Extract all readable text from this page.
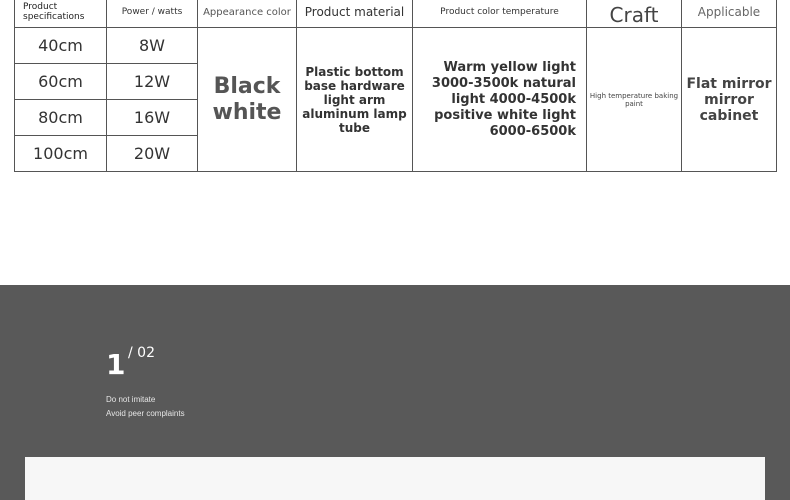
Product specifications	Power / watts	Appearance color	Product material	Product color temperature	Craft	Applicable
40cm	8W	Black white	Plastic bottom base hardware light arm aluminum lamp tube	Warm yellow light 3000-3500k natural light 4000-4500k positive white light 6000-6500k	High temperature baking paint	Flat mirror mirror cabinet
60cm	12W					
80cm	16W					
100cm	20W					
1 / 02
Do not imitate
Avoid peer complaints
